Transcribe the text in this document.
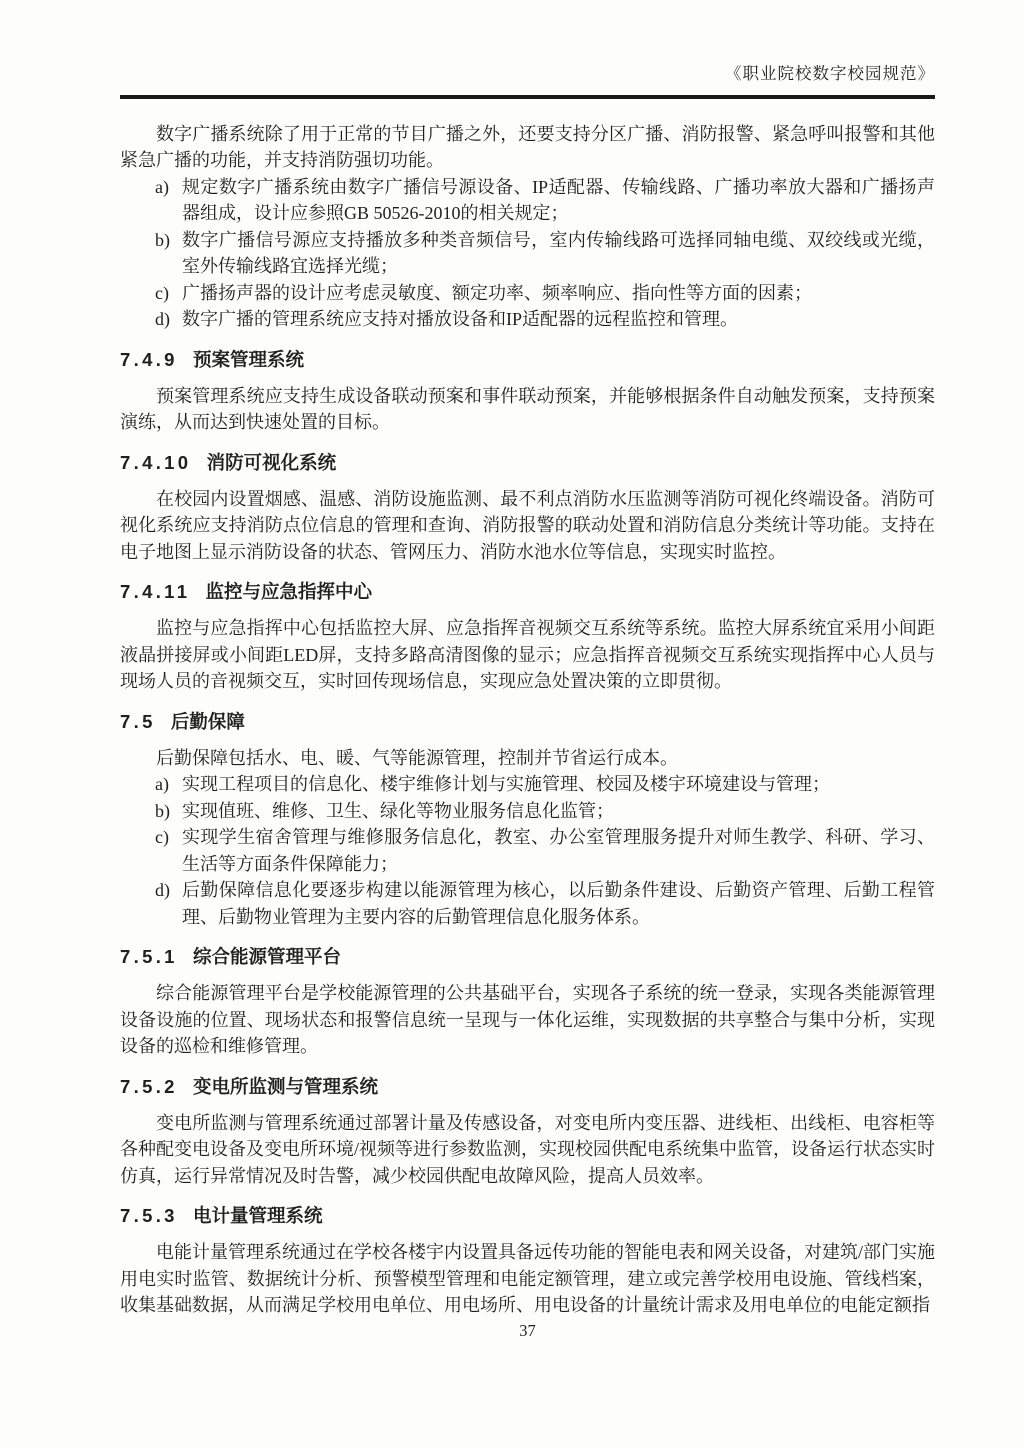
《职业院校数字校园规范》

数字广播系统除了用于正常的节目广播之外，还要支持分区广播、消防报警、紧急呼叫报警和其他紧急广播的功能，并支持消防强切功能。

a) 规定数字广播系统由数字广播信号源设备、IP适配器、传输线路、广播功率放大器和广播扬声器组成，设计应参照GB 50526-2010的相关规定；
b) 数字广播信号源应支持播放多种类音频信号，室内传输线路可选择同轴电缆、双绞线或光缆，室外传输线路宜选择光缆；
c) 广播扬声器的设计应考虑灵敏度、额定功率、频率响应、指向性等方面的因素；
d) 数字广播的管理系统应支持对播放设备和IP适配器的远程监控和管理。
7.4.9 预案管理系统

预案管理系统应支持生成设备联动预案和事件联动预案，并能够根据条件自动触发预案，支持预案演练，从而达到快速处置的目标。

7.4.10 消防可视化系统

在校园内设置烟感、温感、消防设施监测、最不利点消防水压监测等消防可视化终端设备。消防可视化系统应支持消防点位信息的管理和查询、消防报警的联动处置和消防信息分类统计等功能。支持在电子地图上显示消防设备的状态、管网压力、消防水池水位等信息，实现实时监控。

7.4.11 监控与应急指挥中心

监控与应急指挥中心包括监控大屏、应急指挥音视频交互系统等系统。监控大屏系统宜采用小间距液晶拼接屏或小间距LED屏，支持多路高清图像的显示；应急指挥音视频交互系统实现指挥中心人员与现场人员的音视频交互，实时回传现场信息，实现应急处置决策的立即贯彻。

7.5 后勤保障

后勤保障包括水、电、暖、气等能源管理，控制并节省运行成本。

a) 实现工程项目的信息化、楼宇维修计划与实施管理、校园及楼宇环境建设与管理；
b) 实现值班、维修、卫生、绿化等物业服务信息化监管；
c) 实现学生宿舍管理与维修服务信息化，教室、办公室管理服务提升对师生教学、科研、学习、生活等方面条件保障能力；
d) 后勤保障信息化要逐步构建以能源管理为核心，以后勤条件建设、后勤资产管理、后勤工程管理、后勤物业管理为主要内容的后勤管理信息化服务体系。
7.5.1 综合能源管理平台

综合能源管理平台是学校能源管理的公共基础平台，实现各子系统的统一登录，实现各类能源管理设备设施的位置、现场状态和报警信息统一呈现与一体化运维，实现数据的共享整合与集中分析，实现设备的巡检和维修管理。

7.5.2 变电所监测与管理系统

变电所监测与管理系统通过部署计量及传感设备，对变电所内变压器、进线柜、出线柜、电容柜等各种配变电设备及变电所环境/视频等进行参数监测，实现校园供配电系统集中监管，设备运行状态实时仿真，运行异常情况及时告警，减少校园供配电故障风险，提高人员效率。

7.5.3 电计量管理系统

电能计量管理系统通过在学校各楼宇内设置具备远传功能的智能电表和网关设备，对建筑/部门实施用电实时监管、数据统计分析、预警模型管理和电能定额管理，建立或完善学校用电设施、管线档案，收集基础数据，从而满足学校用电单位、用电场所、用电设备的计量统计需求及用电单位的电能定额指

37
